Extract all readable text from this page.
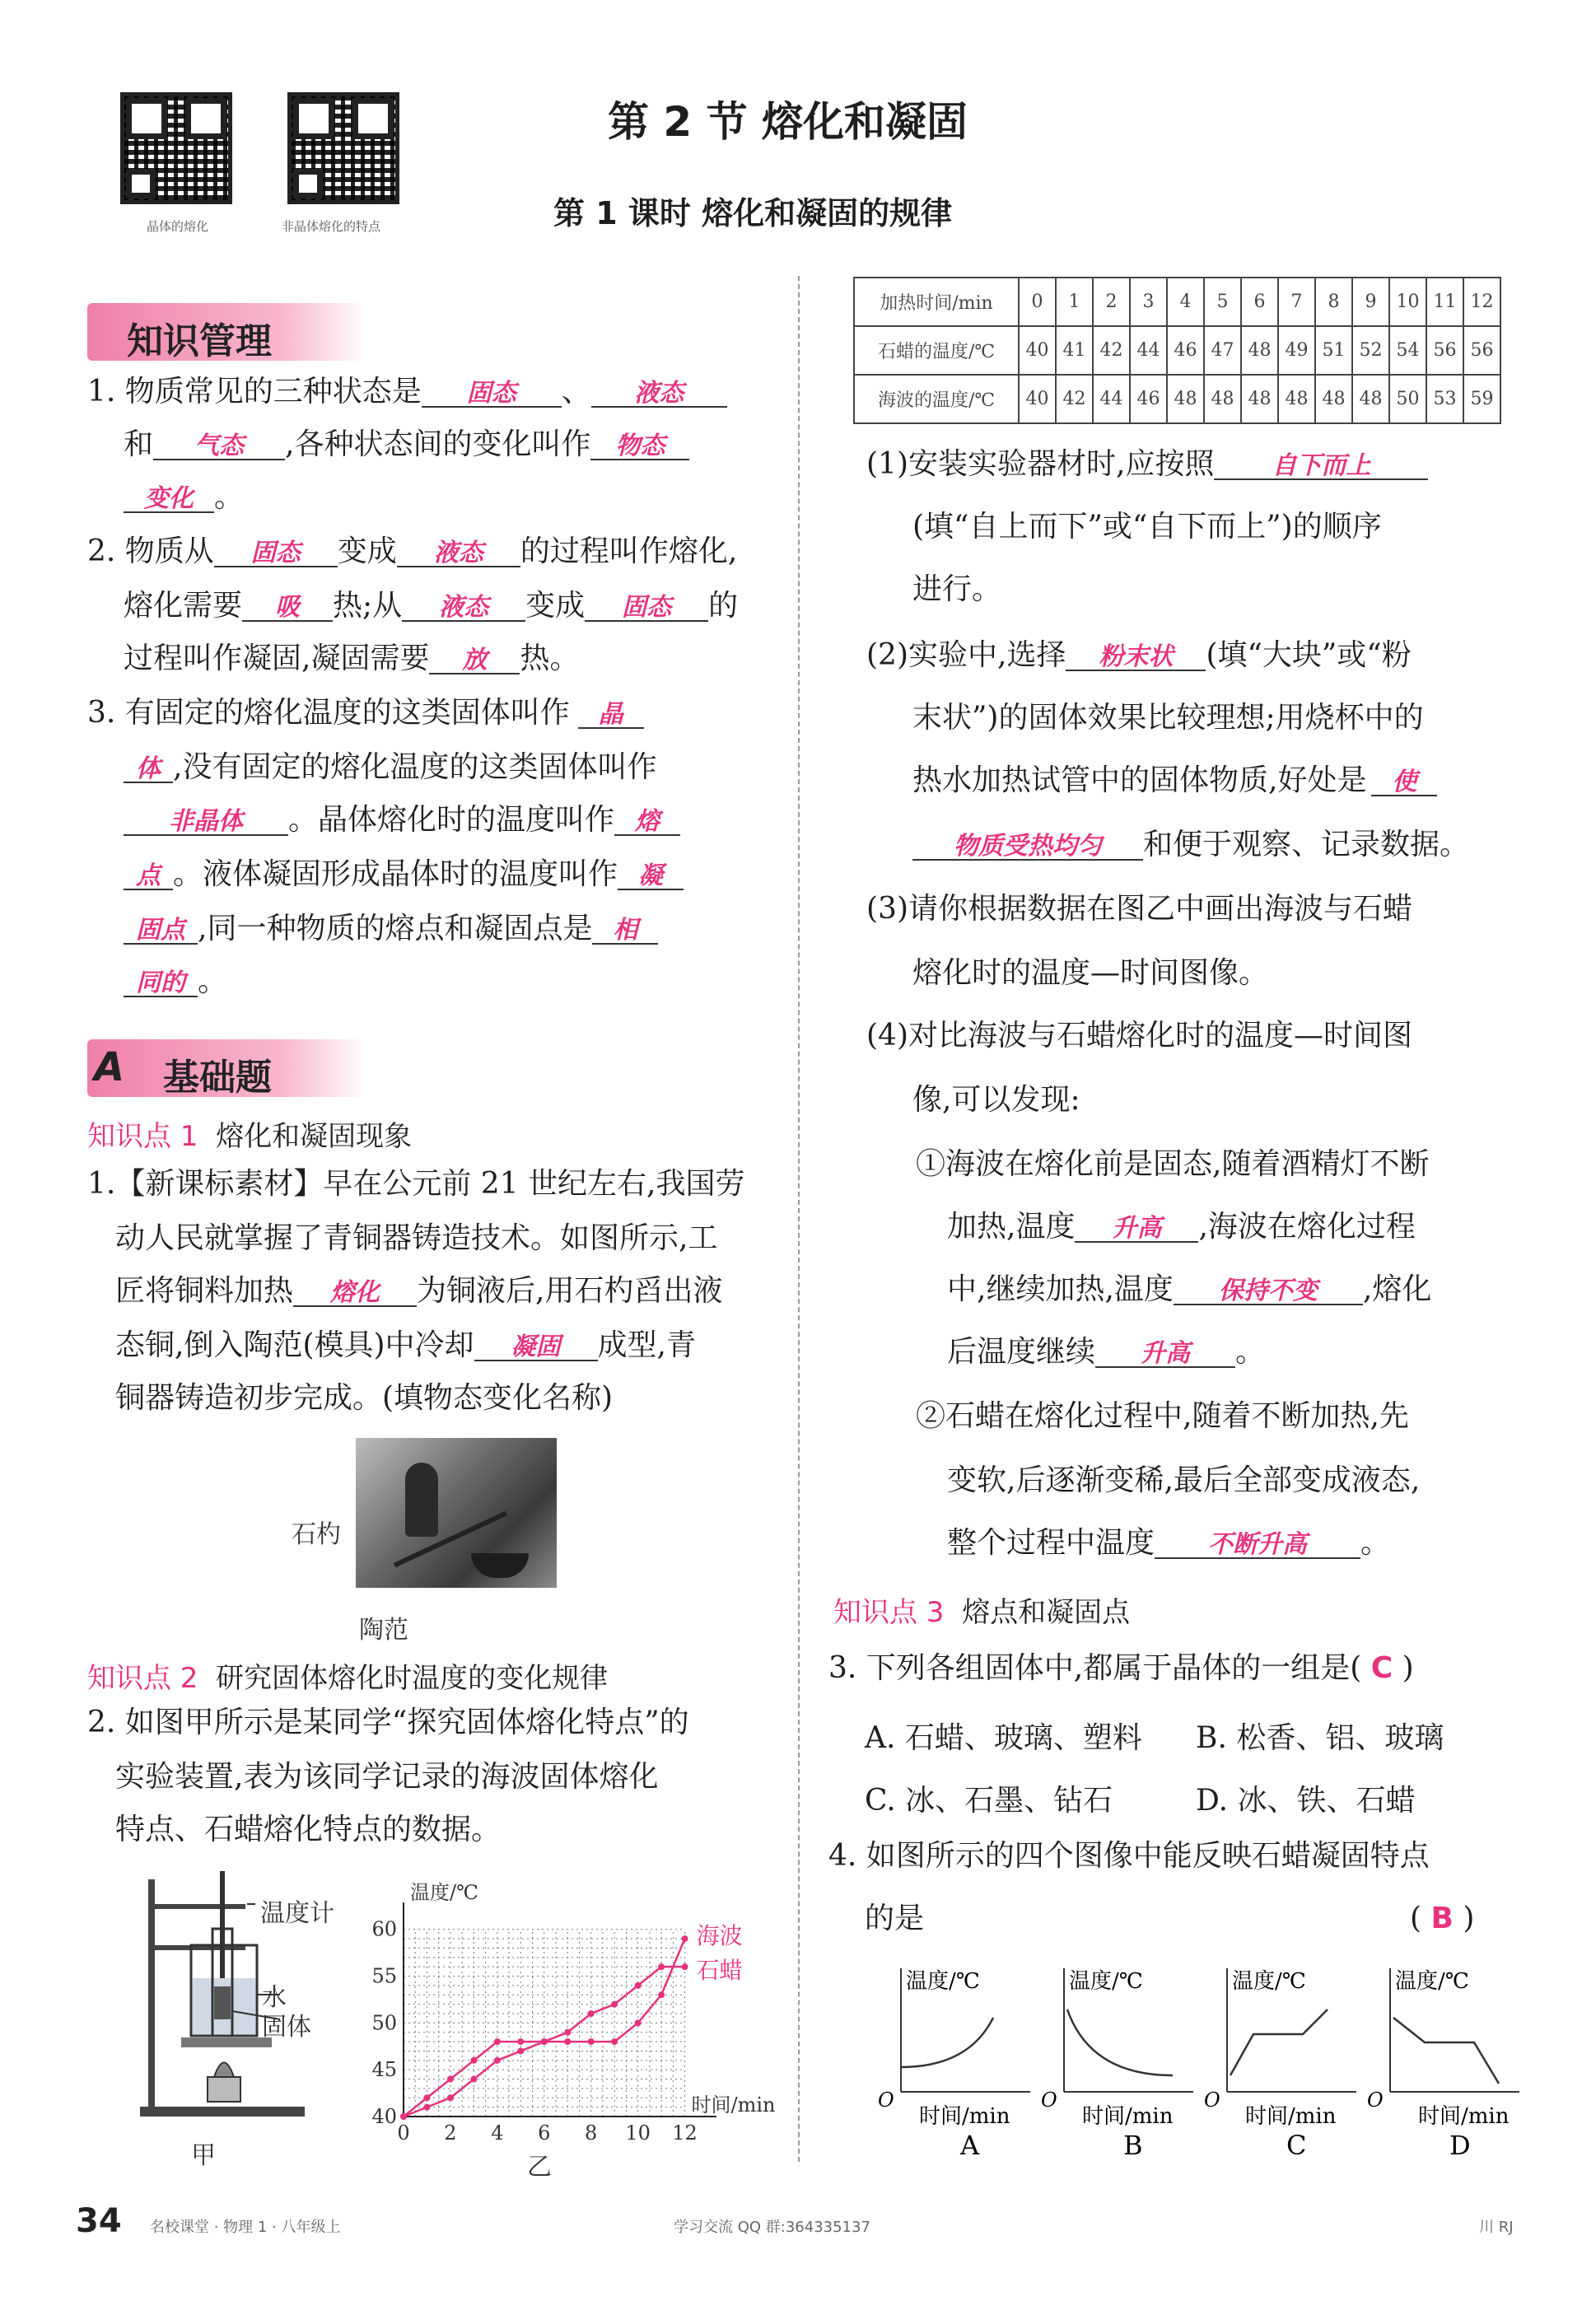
晶体的熔化	非晶体熔化的特点
第 2 节 熔化和凝固
第 1 课时 熔化和凝固的规律
知识管理
1. 物质常见的三种状态是 固态 、 液态
和 气态 ,各种状态间的变化叫作 物态
变化 。
2. 物质从 固态 变成 液态 的过程叫作熔化,
熔化需要 吸 热;从 液态 变成 固态 的
过程叫作凝固,凝固需要 放 热。
3. 有固定的熔化温度的这类固体叫作 晶
体 ,没有固定的熔化温度的这类固体叫作
非晶体 。晶体熔化时的温度叫作 熔
点 。液体凝固形成晶体时的温度叫作 凝
固点 ,同一种物质的熔点和凝固点是 相
同的 。
A 基础题
知识点 1 熔化和凝固现象
1.【新课标素材】早在公元前 21 世纪左右,我国劳
动人民就掌握了青铜器铸造技术。如图所示,工
匠将铜料加热 熔化 为铜液后,用石杓舀出液
态铜,倒入陶范(模具)中冷却 凝固 成型,青
铜器铸造初步完成。(填物态变化名称)
石杓
陶范
知识点 2 研究固体熔化时温度的变化规律
2. 如图甲所示是某同学“探究固体熔化特点”的
实验装置,表为该同学记录的海波固体熔化
特点、石蜡熔化特点的数据。
温度计
水
固体
甲
温度/℃
时间/min
0 2 4 6 8 10 12
40
45
50
55
60	海波
石蜡
乙
加热时间/min	0	1	2	3	4	5	6	7	8	9	10	11	12
石蜡的温度/℃	40	41	42	44	46	47	48	49	51	52	54	56	56
海波的温度/℃	40	42	44	46	48	48	48	48	48	48	50	53	59
(1)安装实验器材时,应按照 自下而上
(填“自上而下”或“自下而上”)的顺序
进行。
(2)实验中,选择 粉末状 (填“大块”或“粉
末状”)的固体效果比较理想;用烧杯中的
热水加热试管中的固体物质,好处是 使
物质受热均匀 和便于观察、记录数据。
(3)请你根据数据在图乙中画出海波与石蜡
熔化时的温度—时间图像。
(4)对比海波与石蜡熔化时的温度—时间图
像,可以发现:
①海波在熔化前是固态,随着酒精灯不断
加热,温度 升高 ,海波在熔化过程
中,继续加热,温度 保持不变 ,熔化
后温度继续 升高 。
②石蜡在熔化过程中,随着不断加热,先
变软,后逐渐变稀,最后全部变成液态,
整个过程中温度 不断升高 。
知识点 3 熔点和凝固点
3. 下列各组固体中,都属于晶体的一组是( C )
A. 石蜡、玻璃、塑料 B. 松香、铝、玻璃
C. 冰、石墨、钻石	D. 冰、铁、石蜡
4. 如图所示的四个图像中能反映石蜡凝固特点
的是	( B )
温度/℃
O
时间/min
A
温度/℃
O
时间/min
B
温度/℃
O
时间/min
C
温度/℃
O
时间/min
D
34 名校课堂 · 物理 1 · 八年级上	学习交流 QQ 群:364335137	川 RJ
